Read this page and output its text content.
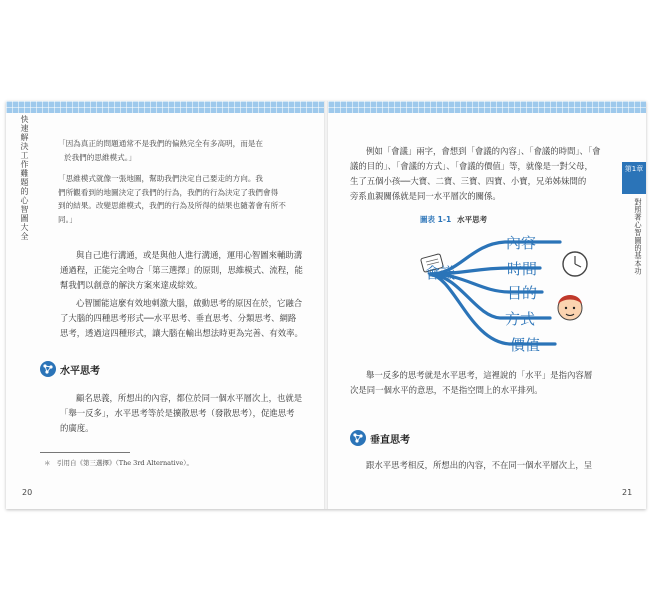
快速解決工作難題的心智圖大全	「因為真正的問題通常不是我們的偏熟完全有多高明，而是在
於我們的思維模式。」
「思維模式就像一張地圖，幫助我們決定自己要走的方向。我
們所觀看到的地圖決定了我們的行為，我們的行為決定了我們會得
到的結果。改變思維模式，我們的行為及所得的結果也隨著會有所不
同。」
與自己進行溝通，或是與他人進行溝通，運用心智圖來輔助溝
通過程，正能完全吻合「第三選擇」的原則，思維模式、流程，能
幫我們以創意的解決方案來達成綜效。
心智圖能這麼有效地刺激大腦，啟動思考的原因在於，它融合
了大腦的四種思考形式──水平思考、垂直思考、分類思考、網路
思考，透過這四種形式，讓大腦在輸出想法時更為完善、有效率。
水平思考
顧名思義，所想出的內容，都位於同一個水平層次上，也就是
「舉一反多」，水平思考等於是擴散思考（發散思考），促進思考
的廣度。
＊　引用自《第三選擇》（The 3rd Alternative）。
20
例如「會議」兩字，會想到「會議的內容」、「會議的時間」、「會
議的目的」、「會議的方式」、「會議的價值」等，就像是一對父母，
生了五個小孩──大寶、二寶、三寶、四寶、小寶，兄弟姊妹間的
旁系血親關係就是同一水平層次的關係。
圖表 1-1 水平思考
會議
內容
時間
目的
方式
價值
舉一反多的思考就是水平思考，這裡說的「水平」是指內容層
次是同一個水平的意思，不是指空間上的水平排列。
垂直思考
跟水平思考相反，所想出的內容，不在同一個水平層次上，呈
第1章
對照著心智圖的基本功
21
